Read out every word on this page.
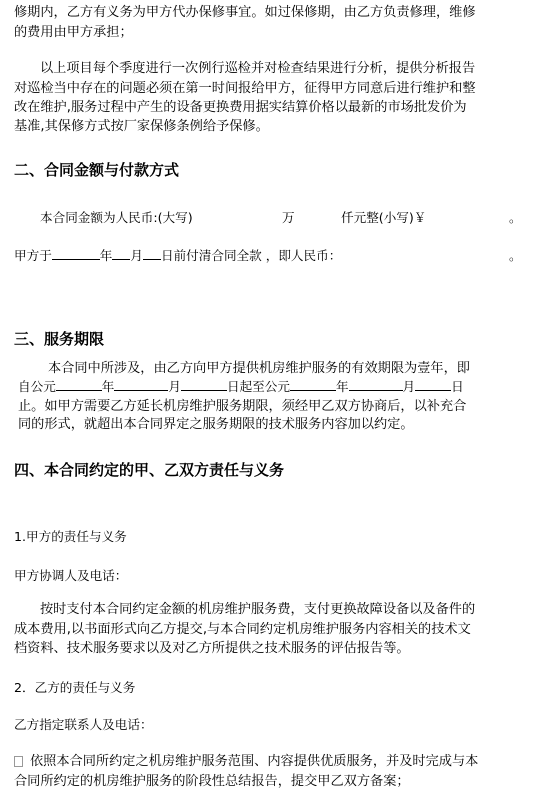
修期内，乙方有义务为甲方代办保修事宜。如过保修期，由乙方负责修理，维修
的费用由甲方承担；
以上项目每个季度进行一次例行巡检并对检查结果进行分析，提供分析报告
对巡检当中存在的问题必须在第一时间报给甲方，征得甲方同意后进行维护和整
改在维护,服务过程中产生的设备更换费用据实结算价格以最新的市场批发价为
基准,其保修方式按厂家保修条例给予保修。
二、合同金额与付款方式
本合同金额为人民币:(大写)	万	仟元整(小写)￥	。
甲方于	年 月 日前付清合同全款 ，即人民币：	。
三、服务期限
本合同中所涉及，由乙方向甲方提供机房维护服务的有效期限为壹年，即
自公元	年	月	日起至公元	年	月	日
止。如甲方需要乙方延长机房维护服务期限，须经甲乙双方协商后，以补充合
同的形式，就超出本合同界定之服务期限的技术服务内容加以约定。
四、本合同约定的甲、乙双方责任与义务
1.甲方的责任与义务
甲方协调人及电话：
按时支付本合同约定金额的机房维护服务费，支付更换故障设备以及备件的
成本费用,以书面形式向乙方提交,与本合同约定机房维护服务内容相关的技术文
档资料、技术服务要求以及对乙方所提供之技术服务的评估报告等。
2．乙方的责任与义务
乙方指定联系人及电话：
依照本合同所约定之机房维护服务范围、内容提供优质服务，并及时完成与本
合同所约定的机房维护服务的阶段性总结报告，提交甲乙双方备案；
